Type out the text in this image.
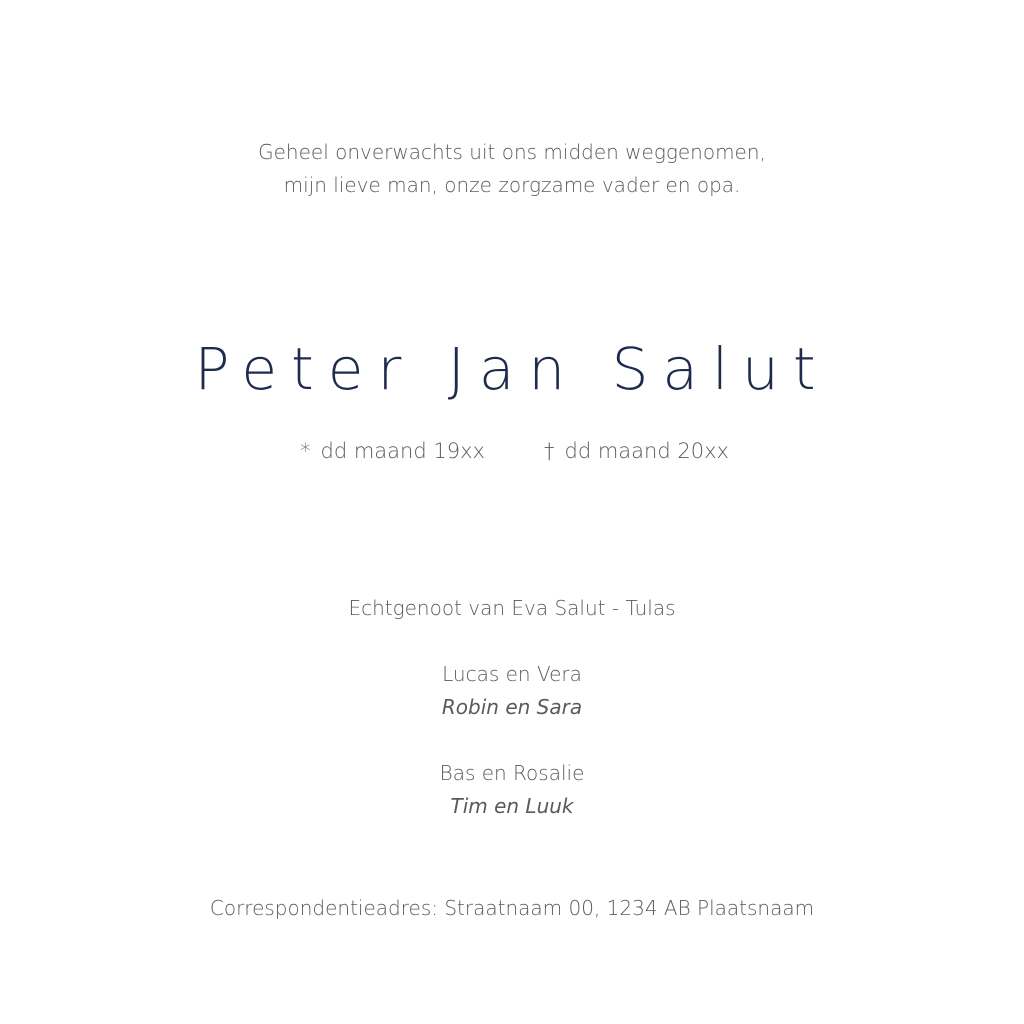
Geheel onverwachts uit ons midden weggenomen,
mijn lieve man, onze zorgzame vader en opa.
Peter Jan Salut
* dd maand 19xx	† dd maand 20xx
Echtgenoot van Eva Salut - Tulas
Lucas en Vera
Robin en Sara
Bas en Rosalie
Tim en Luuk
Correspondentieadres: Straatnaam 00, 1234 AB Plaatsnaam
